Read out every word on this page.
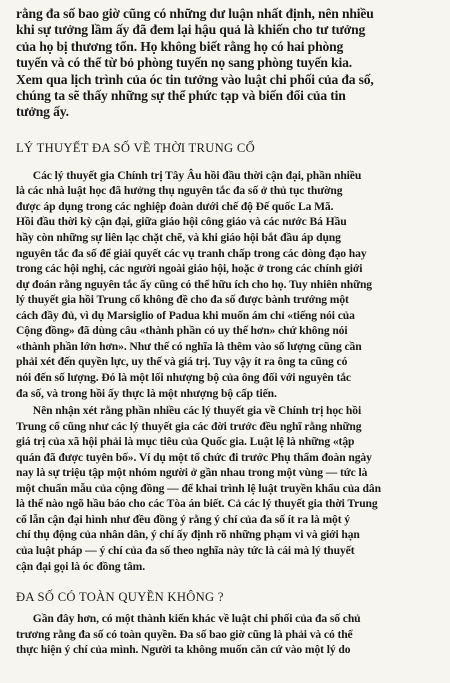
rằng đa số bao giờ cũng có những dư luận nhất định, nên nhiều
khi sự tưởng lầm ấy đã đem lại hậu quả là khiến cho tư tưởng
của họ bị thương tổn. Họ không biết rằng họ có hai phòng
tuyến và có thể từ bỏ phòng tuyến nọ sang phòng tuyến kia.
Xem qua lịch trình của óc tin tưởng vào luật chi phối của đa số,
chúng ta sẽ thấy những sự thể phức tạp và biến đổi của tin
tưởng ấy.
LÝ THUYẾT ĐA SỐ VỀ THỜI TRUNG CỔ
Các lý thuyết gia Chính trị Tây Âu hồi đầu thời cận đại, phần nhiều
là các nhà luật học đã hưởng thụ nguyên tắc đa số ở thủ tục thường
được áp dụng trong các nghiệp đoàn dưới chế độ Đế quốc La Mã.
Hồi đầu thời kỳ cận đại, giữa giáo hội công giáo và các nước Bá Hầu
hầy còn những sự liên lạc chặt chẽ, và khi giáo hội bắt đầu áp dụng
nguyên tắc đa số để giải quyết các vụ tranh chấp trong các dòng đạo hay
trong các hội nghị, các người ngoài giáo hội, hoặc ở trong các chính giới
dự đoán rằng nguyên tắc ấy cũng có thể hữu ích cho họ. Tuy nhiên những
lý thuyết gia hồi Trung cổ không đề cho đa số được bành trướng một
cách đầy đủ, vì dụ Marsiglio of Padua khi muốn ám chỉ «tiếng nói của
Cộng đồng» đã dùng câu «thành phần có uy thế hơn» chứ không nói
«thành phần lớn hơn». Như thế có nghĩa là thêm vào số lượng cũng cần
phải xét đến quyền lực, uy thế và giá trị. Tuy vậy ít ra ông ta cũng có
nói đến số lượng. Đó là một lối nhượng bộ của ông đối với nguyên tắc
đa số, và trong hồi ấy thực là một nhượng bộ cấp tiến.
Nên nhận xét rằng phần nhiều các lý thuyết gia về Chính trị học hồi
Trung cổ cũng như các lý thuyết gia các đời trước đều nghĩ rằng những
giá trị của xã hội phải là mục tiêu của Quốc gia. Luật lệ là những «tập
quán đã được tuyên bố». Ví dụ một tổ chức đi trước Phụ thẩm đoàn ngày
nay là sự triệu tập một nhóm người ở gần nhau trong một vùng — tức là
một chuẩn mẫu của cộng đồng — để khai trình lệ luật truyền khẩu của dân
là thể nào ngõ hầu báo cho các Tòa án biết. Cả các lý thuyết gia thời Trung
cổ lẫn cận đại hình như đều đồng ý rằng ý chí của đa số ít ra là một ý
chí thụ động của nhân dân, ý chí ấy định rõ những phạm vi và giới hạn
của luật pháp — ý chí của đa số theo nghĩa này tức là cái mà lý thuyết
cận đại gọi là óc đồng tâm.
ĐA SỐ CÓ TOÀN QUYỀN KHÔNG ?
Gần đây hơn, có một thành kiến khác về luật chi phối của đa số chủ
trương rằng đa số có toàn quyền. Đa số bao giờ cũng là phải và có thể
thực hiện ý chí của mình. Người ta không muốn căn cứ vào một lý do
